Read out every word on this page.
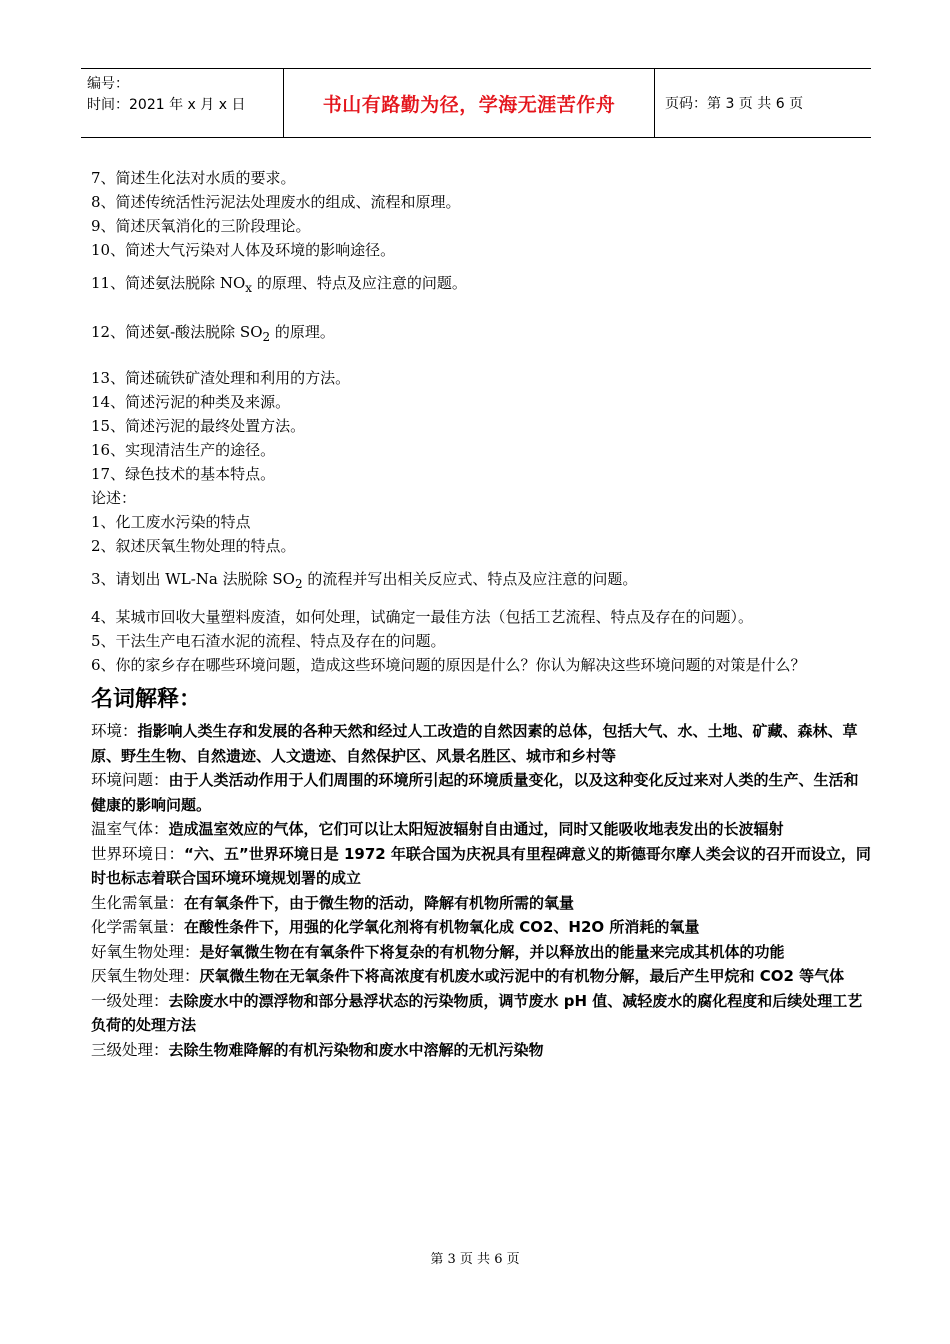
编号：
时间：2021 年 x 月 x 日	书山有路勤为径，学海无涯苦作舟	页码：第 3 页 共 6 页
7、简述生化法对水质的要求。
8、简述传统活性污泥法处理废水的组成、流程和原理。
9、简述厌氧消化的三阶段理论。
10、简述大气污染对人体及环境的影响途径。
11、简述氨法脱除 $NO_x$ 的原理、特点及应注意的问题。
12、简述氨-酸法脱除 $SO_2$ 的原理。
13、简述硫铁矿渣处理和利用的方法。
14、简述污泥的种类及来源。
15、简述污泥的最终处置方法。
16、实现清洁生产的途径。
17、绿色技术的基本特点。
论述：
1、化工废水污染的特点
2、叙述厌氧生物处理的特点。
3、请划出 WL-Na 法脱除 $SO_2$ 的流程并写出相关反应式、特点及应注意的问题。
4、某城市回收大量塑料废渣，如何处理，试确定一最佳方法（包括工艺流程、特点及存在的问题）。
5、干法生产电石渣水泥的流程、特点及存在的问题。
6、你的家乡存在哪些环境问题，造成这些环境问题的原因是什么？你认为解决这些环境问题的对策是什么？
名词解释：
环境：指影响人类生存和发展的各种天然和经过人工改造的自然因素的总体，包括大气、水、土地、矿藏、森林、草原、野生生物、自然遗迹、人文遗迹、自然保护区、风景名胜区、城市和乡村等
环境问题：由于人类活动作用于人们周围的环境所引起的环境质量变化，以及这种变化反过来对人类的生产、生活和健康的影响问题。
温室气体：造成温室效应的气体，它们可以让太阳短波辐射自由通过，同时又能吸收地表发出的长波辐射
世界环境日：“六、五”世界环境日是 1972 年联合国为庆祝具有里程碑意义的斯德哥尔摩人类会议的召开而设立，同时也标志着联合国环境环境规划署的成立
生化需氧量：在有氧条件下，由于微生物的活动，降解有机物所需的氧量
化学需氧量：在酸性条件下，用强的化学氧化剂将有机物氧化成 CO2、H2O 所消耗的氧量
好氧生物处理：是好氧微生物在有氧条件下将复杂的有机物分解，并以释放出的能量来完成其机体的功能
厌氧生物处理：厌氧微生物在无氧条件下将高浓度有机废水或污泥中的有机物分解，最后产生甲烷和 CO2 等气体
一级处理：去除废水中的漂浮物和部分悬浮状态的污染物质，调节废水 pH 值、减轻废水的腐化程度和后续处理工艺负荷的处理方法
三级处理：去除生物难降解的有机污染物和废水中溶解的无机污染物
第 3 页 共 6 页
